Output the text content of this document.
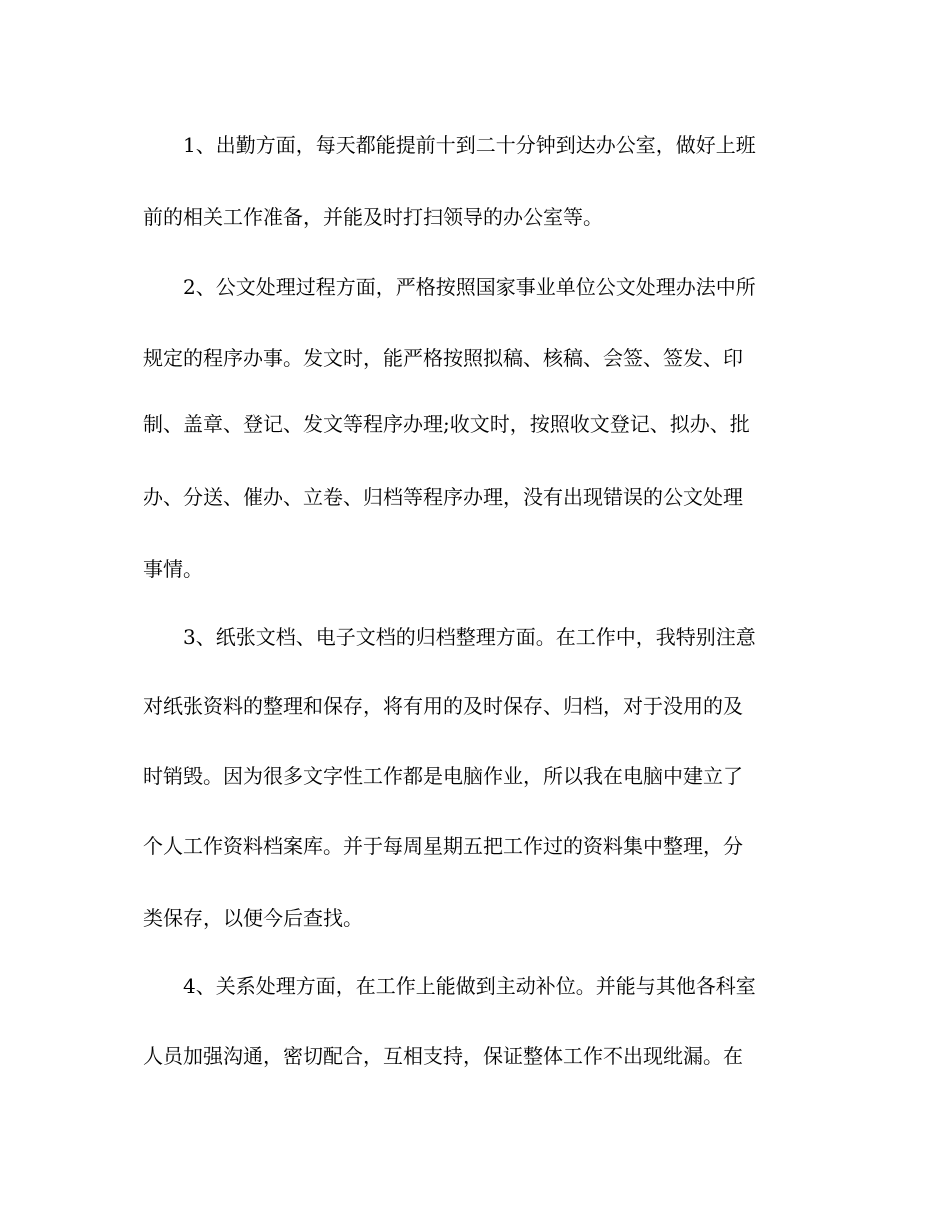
　　1、出勤方面，每天都能提前十到二十分钟到达办公室，做好上班

前的相关工作准备，并能及时打扫领导的办公室等。

　　2、公文处理过程方面，严格按照国家事业单位公文处理办法中所

规定的程序办事。发文时，能严格按照拟稿、核稿、会签、签发、印

制、盖章、登记、发文等程序办理;收文时，按照收文登记、拟办、批

办、分送、催办、立卷、归档等程序办理，没有出现错误的公文处理

事情。

　　3、纸张文档、电子文档的归档整理方面。在工作中，我特别注意

对纸张资料的整理和保存，将有用的及时保存、归档，对于没用的及

时销毁。因为很多文字性工作都是电脑作业，所以我在电脑中建立了

个人工作资料档案库。并于每周星期五把工作过的资料集中整理，分

类保存，以便今后查找。

　　4、关系处理方面，在工作上能做到主动补位。并能与其他各科室

人员加强沟通，密切配合，互相支持，保证整体工作不出现纰漏。在
